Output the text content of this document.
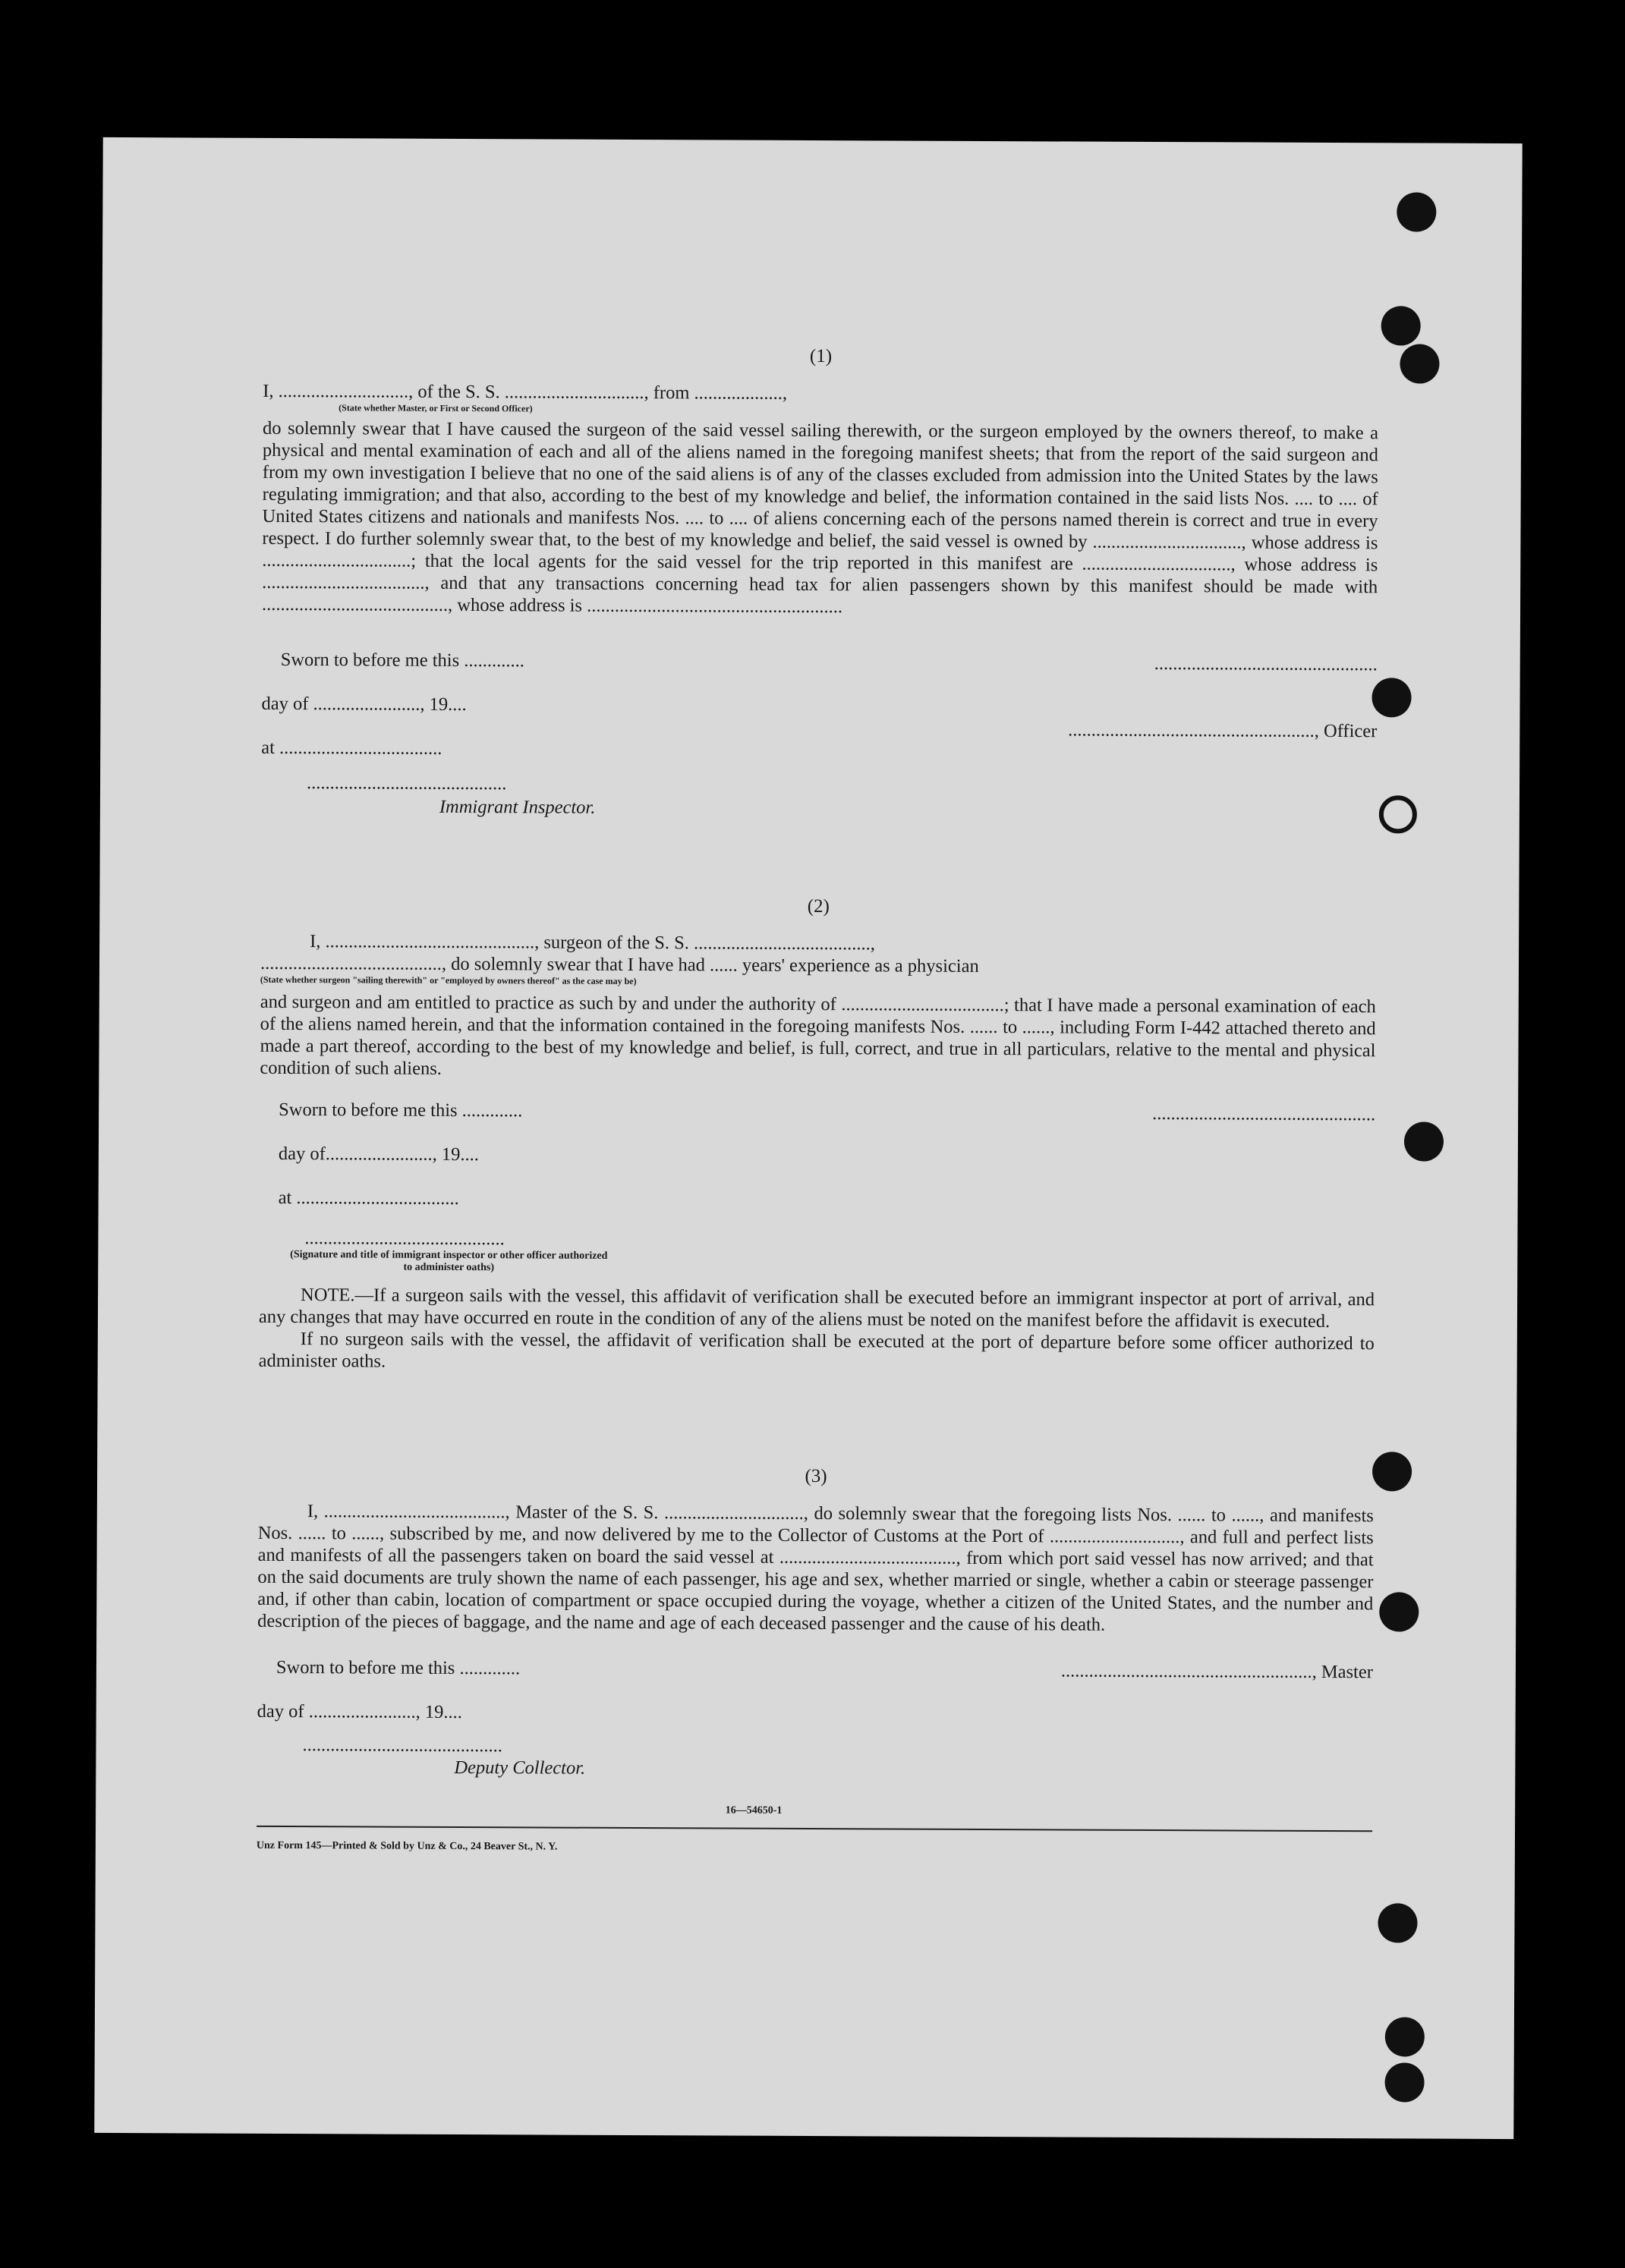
(1)
I, ............................, of the S. S. .............................., from ...................,
(State whether Master, or First or Second Officer)
do solemnly swear that I have caused the surgeon of the said vessel sailing therewith, or the surgeon employed by the owners thereof, to make a physical and mental examination of each and all of the aliens named in the foregoing manifest sheets; that from the report of the said surgeon and from my own investigation I believe that no one of the said aliens is of any of the classes excluded from admission into the United States by the laws regulating immigration; and that also, according to the best of my knowledge and belief, the information contained in the said lists Nos. .... to .... of United States citizens and nationals and manifests Nos. .... to .... of aliens concerning each of the persons named therein is correct and true in every respect. I do further solemnly swear that, to the best of my knowledge and belief, the said vessel is owned by ................................, whose address is ................................; that the local agents for the said vessel for the trip reported in this manifest are ................................, whose address is ..................................., and that any transactions concerning head tax for alien passengers shown by this manifest should be made with ........................................, whose address is .......................................................
Sworn to before me this .............
day of ......................., 19....
at ...................................
...........................................
Immigrant Inspector.
................................................
....................................................., Officer
(2)
I, ............................................., surgeon of the S. S. ......................................,
......................................., do solemnly swear that I have had ...... years' experience as a physician
(State whether surgeon "sailing therewith" or "employed by owners thereof" as the case may be)
and surgeon and am entitled to practice as such by and under the authority of ...................................; that I have made a personal examination of each of the aliens named herein, and that the information contained in the foregoing manifests Nos. ...... to ......, including Form I-442 attached thereto and made a part thereof, according to the best of my knowledge and belief, is full, correct, and true in all particulars, relative to the mental and physical condition of such aliens.
Sworn to before me this .............
day of......................., 19....
at ...................................
...........................................
(Signature and title of immigrant inspector or other officer authorized to administer oaths)
................................................
NOTE.—If a surgeon sails with the vessel, this affidavit of verification shall be executed before an immigrant inspector at port of arrival, and any changes that may have occurred en route in the condition of any of the aliens must be noted on the manifest before the affidavit is executed.
If no surgeon sails with the vessel, the affidavit of verification shall be executed at the port of departure before some officer authorized to administer oaths.
(3)
I, ......................................., Master of the S. S. .............................., do solemnly swear that the foregoing lists Nos. ...... to ......, and manifests Nos. ...... to ......, subscribed by me, and now delivered by me to the Collector of Customs at the Port of ............................, and full and perfect lists and manifests of all the passengers taken on board the said vessel at ......................................, from which port said vessel has now arrived; and that on the said documents are truly shown the name of each passenger, his age and sex, whether married or single, whether a cabin or steerage passenger and, if other than cabin, location of compartment or space occupied during the voyage, whether a citizen of the United States, and the number and description of the pieces of baggage, and the name and age of each deceased passenger and the cause of his death.
Sworn to before me this .............
day of ......................., 19....
...........................................
Deputy Collector.
......................................................, Master
16—54650-1
Unz Form 145—Printed & Sold by Unz & Co., 24 Beaver St., N. Y.
